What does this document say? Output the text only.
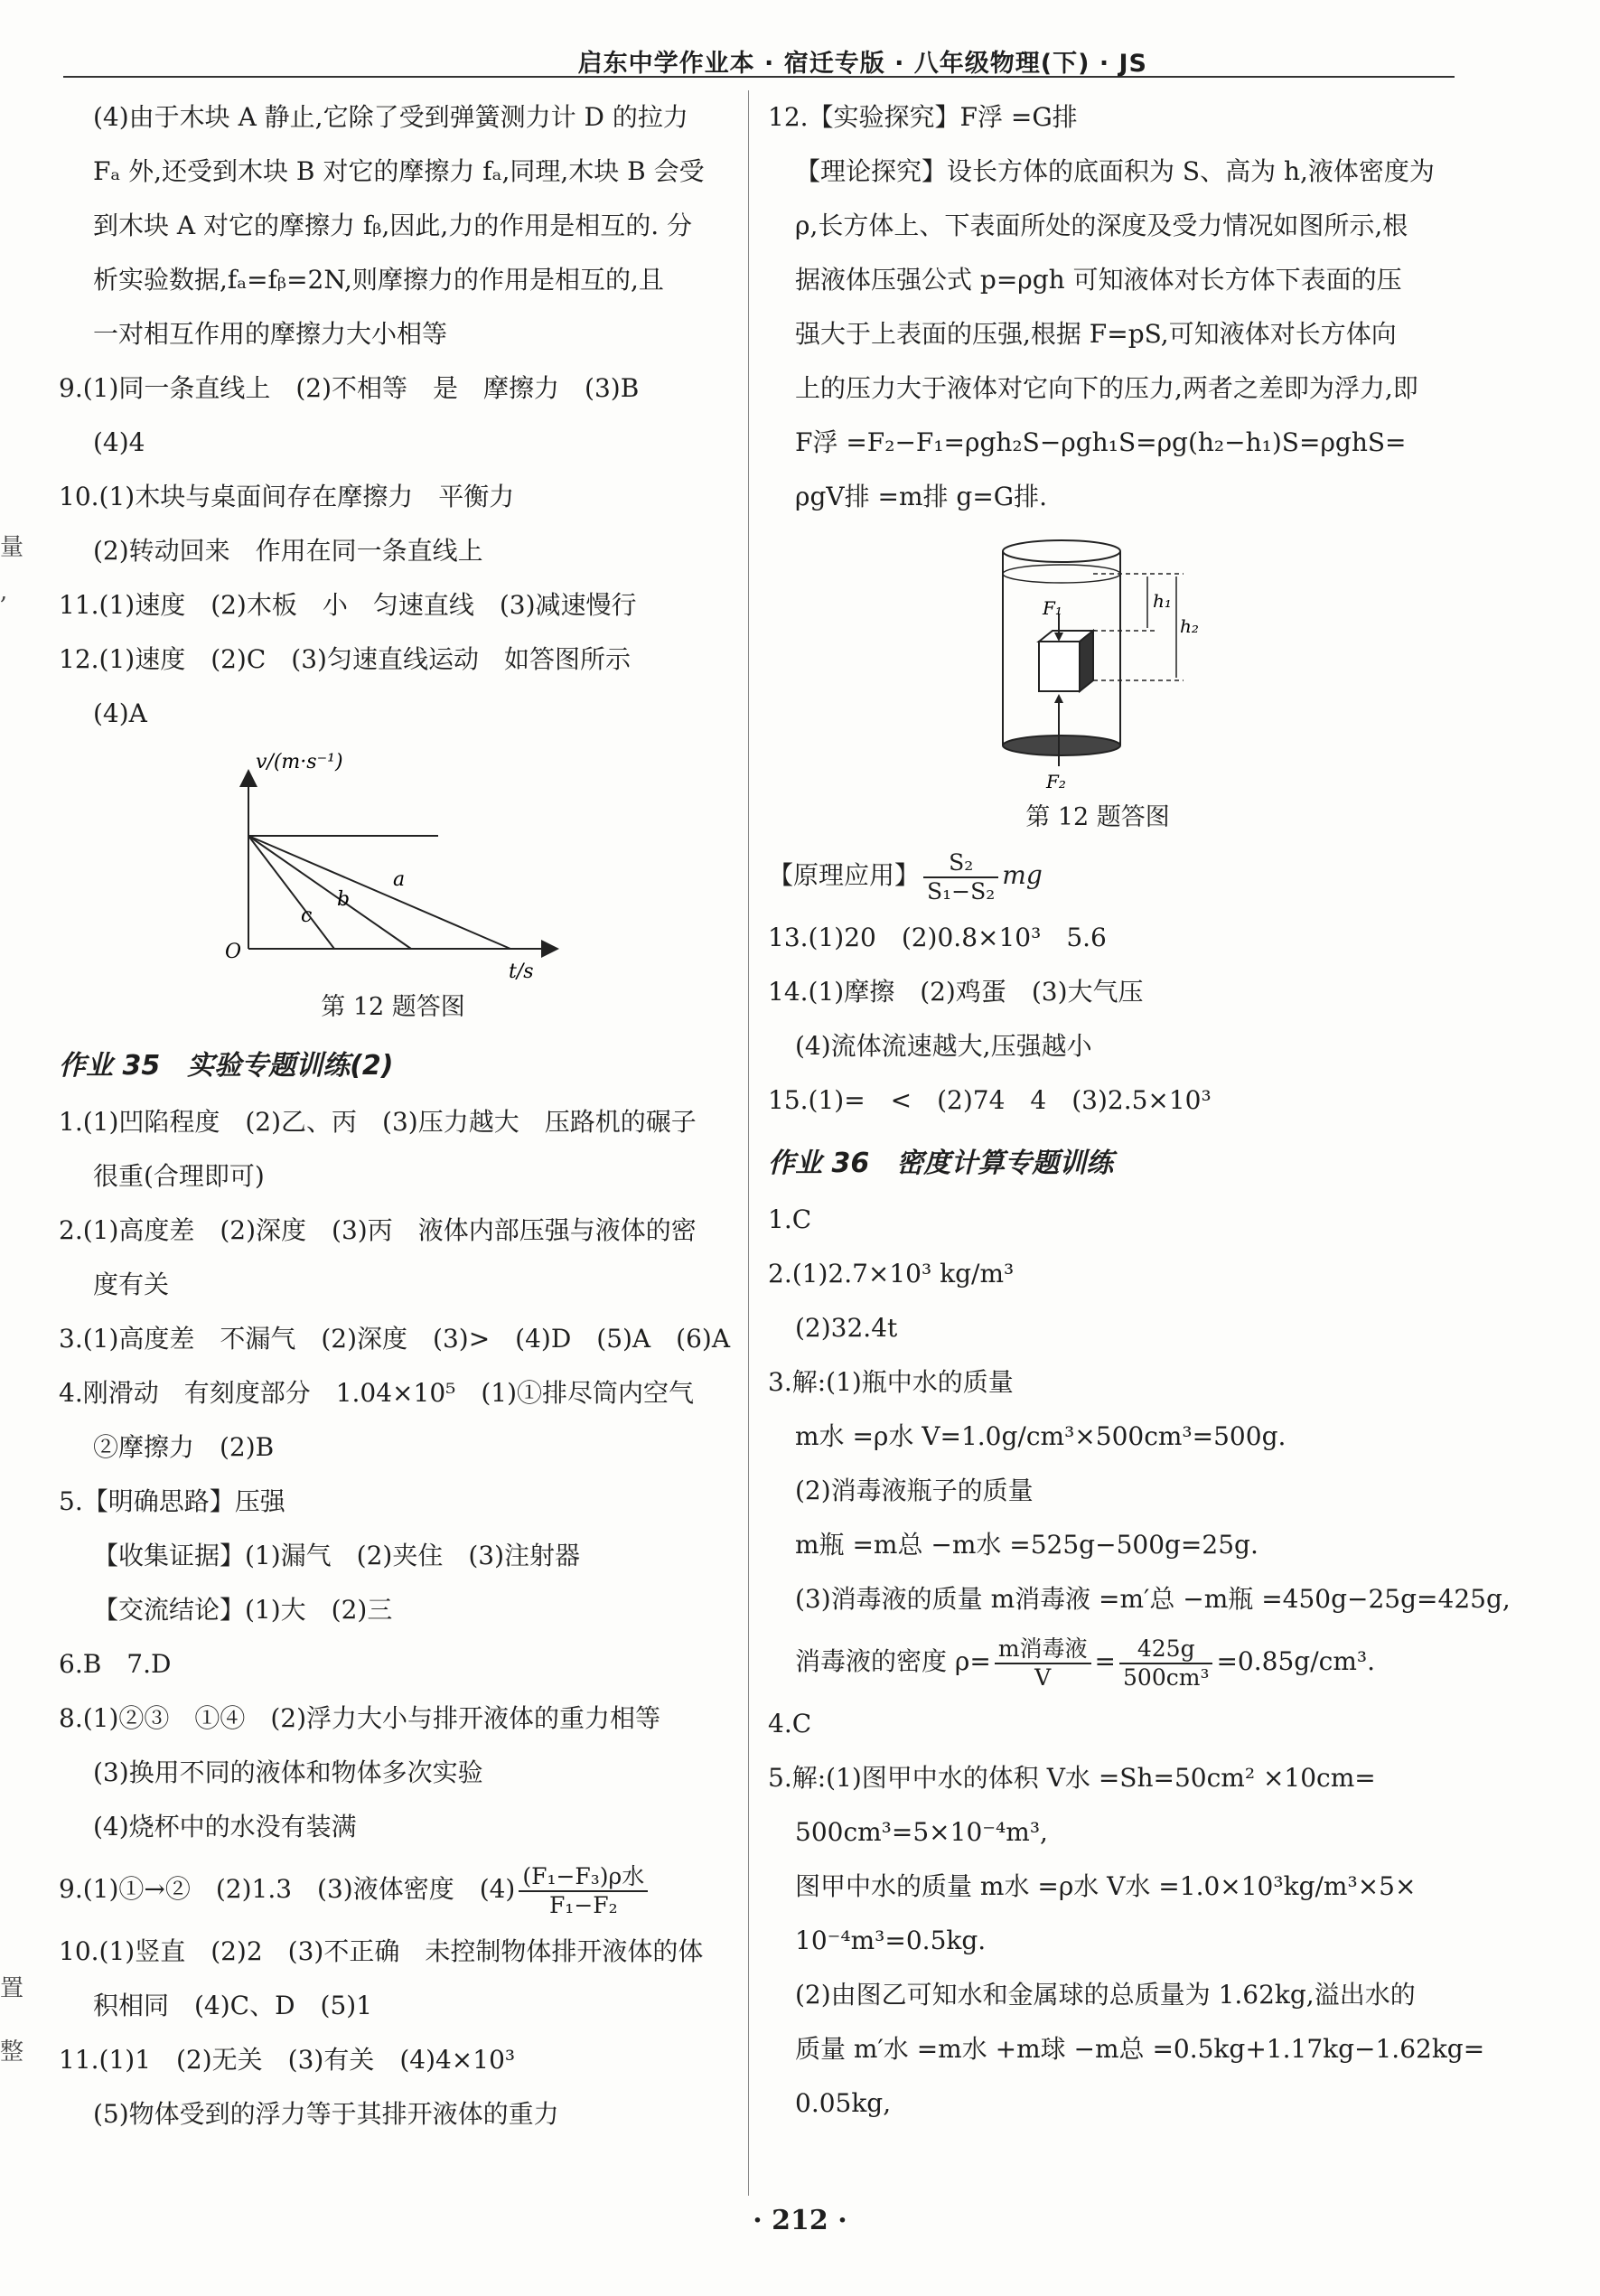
启东中学作业本 · 宿迁专版 · 八年级物理(下) · JS
量
,
置
整
(4)由于木块 A 静止,它除了受到弹簧测力计 D 的拉力
Fₐ 外,还受到木块 B 对它的摩擦力 fₐ,同理,木块 B 会受
到木块 A 对它的摩擦力 fᵦ,因此,力的作用是相互的. 分
析实验数据,fₐ=fᵦ=2N,则摩擦力的作用是相互的,且
一对相互作用的摩擦力大小相等
9.(1)同一条直线上　(2)不相等　是　摩擦力　(3)B
(4)4
10.(1)木块与桌面间存在摩擦力　平衡力
(2)转动回来　作用在同一条直线上
11.(1)速度　(2)木板　小　匀速直线　(3)减速慢行
12.(1)速度　(2)C　(3)匀速直线运动　如答图所示
(4)A
v/(m·s⁻¹)
t/s
O
a
b
c
第 12 题答图
作业 35　实验专题训练(2)
1.(1)凹陷程度　(2)乙、丙　(3)压力越大　压路机的碾子
很重(合理即可)
2.(1)高度差　(2)深度　(3)丙　液体内部压强与液体的密
度有关
3.(1)高度差　不漏气　(2)深度　(3)>　(4)D　(5)A　(6)A
4.刚滑动　有刻度部分　1.04×10⁵　(1)①排尽筒内空气
②摩擦力　(2)B
5.【明确思路】压强
【收集证据】(1)漏气　(2)夹住　(3)注射器
【交流结论】(1)大　(2)三
6.B　7.D
8.(1)②③　①④　(2)浮力大小与排开液体的重力相等
(3)换用不同的液体和物体多次实验
(4)烧杯中的水没有装满
9.(1)①→②　(2)1.3　(3)液体密度　$(4) \frac{\text{(F₁−F₃)ρ水}}{\text{F₁−F₂}}$
10.(1)竖直　(2)2　(3)不正确　未控制物体排开液体的体
积相同　(4)C、D　(5)1
11.(1)1　(2)无关　(3)有关　(4)4×10³
(5)物体受到的浮力等于其排开液体的重力
12.【实验探究】F浮 =G排
【理论探究】设长方体的底面积为 S、高为 h,液体密度为
ρ,长方体上、下表面所处的深度及受力情况如图所示,根
据液体压强公式 p=ρgh 可知液体对长方体下表面的压
强大于上表面的压强,根据 F=pS,可知液体对长方体向
上的压力大于液体对它向下的压力,两者之差即为浮力,即
F浮 =F₂−F₁=ρgh₂S−ρgh₁S=ρg(h₂−h₁)S=ρghS=
ρgV排 =m排 g=G排.
F₁
F₂
h₁
h₂
第 12 题答图
【原理应用】 $\frac{\text{S₂}}{\text{S₁−S₂}}$ mg
13.(1)20　(2)0.8×10³　5.6
14.(1)摩擦　(2)鸡蛋　(3)大气压
(4)流体流速越大,压强越小
15.(1)=　<　(2)74　4　(3)2.5×10³
作业 36　密度计算专题训练
1.C
2.(1)2.7×10³ kg/m³
(2)32.4t
3.解:(1)瓶中水的质量
m水 =ρ水 V=1.0g/cm³×500cm³=500g.
(2)消毒液瓶子的质量
m瓶 =m总 −m水 =525g−500g=25g.
(3)消毒液的质量 m消毒液 =m′总 −m瓶 =450g−25g=425g,
消毒液的密度 $\rho= \frac{\text{m消毒液}}{V} = \frac{425g}{\text{500cm³}} =0.85g/cm^3$.
4.C
5.解:(1)图甲中水的体积 V水 =Sh=50cm² ×10cm=
500cm³=5×10⁻⁴m³,
图甲中水的质量 m水 =ρ水 V水 =1.0×10³kg/m³×5×
10⁻⁴m³=0.5kg.
(2)由图乙可知水和金属球的总质量为 1.62kg,溢出水的
质量 m′水 =m水 +m球 −m总 =0.5kg+1.17kg−1.62kg=
0.05kg,
· 212 ·
